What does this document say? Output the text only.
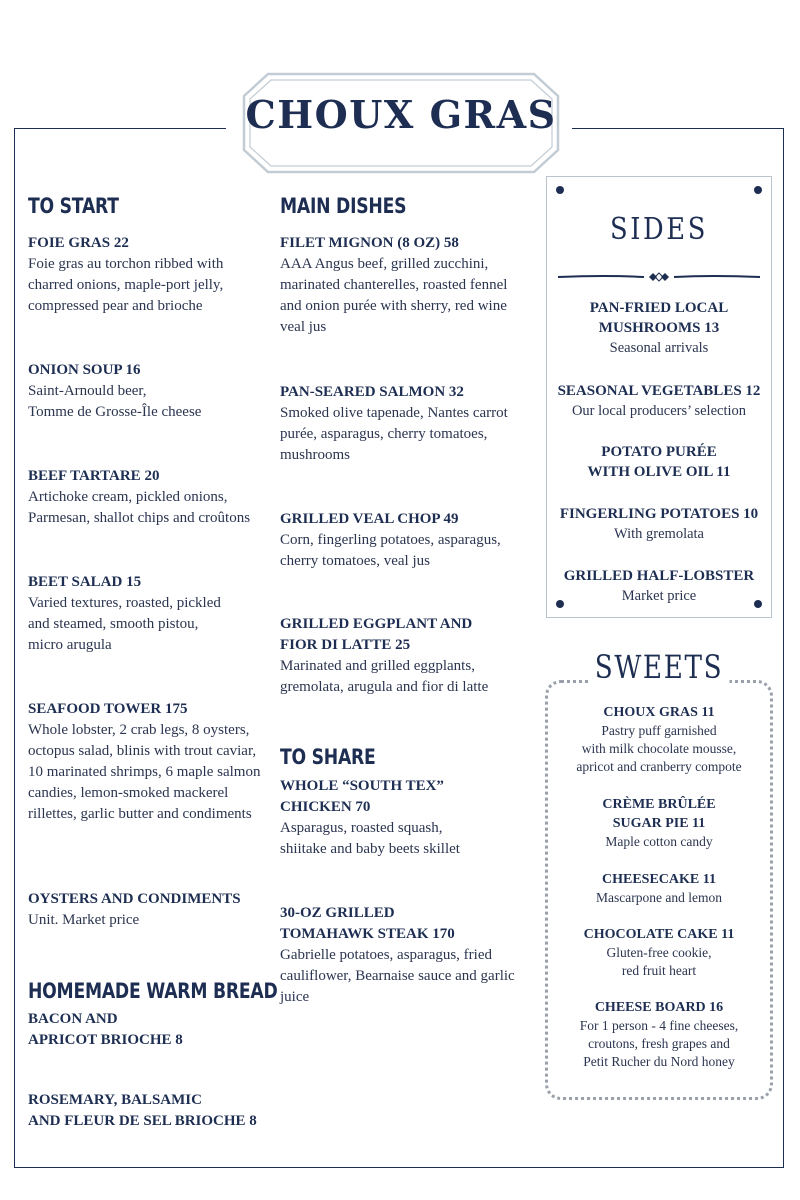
CHOUX GRAS
TO START
FOIE GRAS 22
Foie gras au torchon ribbed with charred onions, maple-port jelly, compressed pear and brioche
ONION SOUP 16
Saint-Arnould beer,
Tomme de Grosse-Île cheese
BEEF TARTARE 20
Artichoke cream, pickled onions, Parmesan, shallot chips and croûtons
BEET SALAD 15
Varied textures, roasted, pickled
and steamed, smooth pistou,
micro arugula
SEAFOOD TOWER 175
Whole lobster, 2 crab legs, 8 oysters, octopus salad, blinis with trout caviar, 10 marinated shrimps, 6 maple salmon candies, lemon-smoked mackerel rillettes, garlic butter and condiments
OYSTERS AND CONDIMENTS
Unit. Market price
HOMEMADE WARM BREAD
BACON AND
APRICOT BRIOCHE 8
ROSEMARY, BALSAMIC
AND FLEUR DE SEL BRIOCHE 8
MAIN DISHES
FILET MIGNON (8 OZ) 58
AAA Angus beef, grilled zucchini, marinated chanterelles, roasted fennel and onion purée with sherry, red wine veal jus
PAN-SEARED SALMON 32
Smoked olive tapenade, Nantes carrot purée, asparagus, cherry tomatoes, mushrooms
GRILLED VEAL CHOP 49
Corn, fingerling potatoes, asparagus, cherry tomatoes, veal jus
GRILLED EGGPLANT AND
FIOR DI LATTE 25
Marinated and grilled eggplants, gremolata, arugula and fior di latte
TO SHARE
WHOLE “SOUTH TEX”
CHICKEN 70
Asparagus, roasted squash,
shiitake and baby beets skillet
30-OZ GRILLED
TOMAHAWK STEAK 170
Gabrielle potatoes, asparagus, fried cauliflower, Bearnaise sauce and garlic juice
SIDES
PAN-FRIED LOCAL
MUSHROOMS 13
Seasonal arrivals
SEASONAL VEGETABLES 12
Our local producers’ selection
POTATO PURÉE
WITH OLIVE OIL 11
FINGERLING POTATOES 10
With gremolata
GRILLED HALF-LOBSTER
Market price
SWEETS
CHOUX GRAS 11
Pastry puff garnished
with milk chocolate mousse,
apricot and cranberry compote
CRÈME BRÛLÉE
SUGAR PIE 11
Maple cotton candy
CHEESECAKE 11
Mascarpone and lemon
CHOCOLATE CAKE 11
Gluten-free cookie,
red fruit heart
CHEESE BOARD 16
For 1 person - 4 fine cheeses,
croutons, fresh grapes and
Petit Rucher du Nord honey
